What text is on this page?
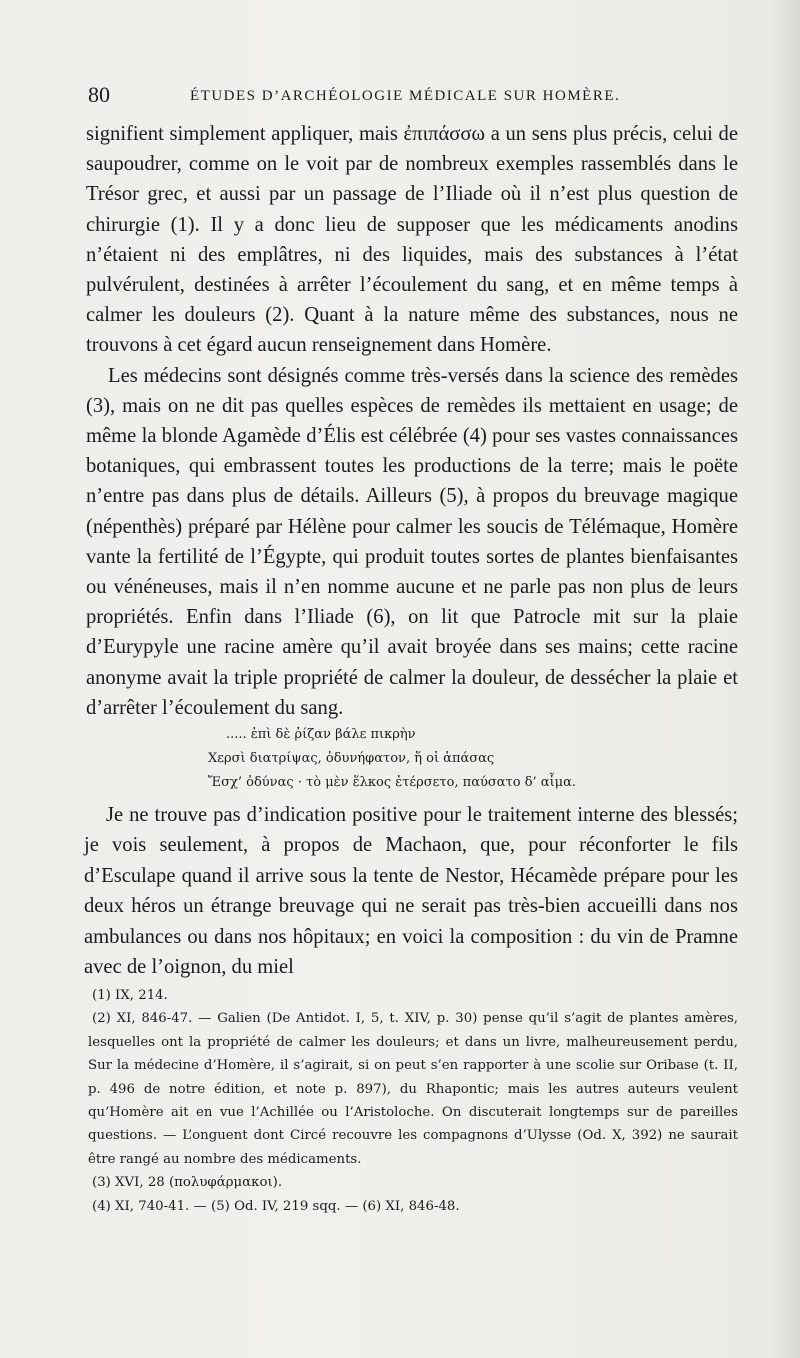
80	ÉTUDES D’ARCHÉOLOGIE MÉDICALE SUR HOMÈRE.

signifient simplement appliquer, mais ἐπιπάσσω a un sens plus précis, celui de saupoudrer, comme on le voit par de nombreux exemples rassemblés dans le Trésor grec, et aussi par un passage de l’Iliade où il n’est plus question de chirurgie (1). Il y a donc lieu de supposer que les médicaments anodins n’étaient ni des emplâtres, ni des liquides, mais des substances à l’état pulvérulent, destinées à arrêter l’écoulement du sang, et en même temps à calmer les douleurs (2). Quant à la nature même des substances, nous ne trouvons à cet égard aucun renseignement dans Homère.

Les médecins sont désignés comme très-versés dans la science des remèdes (3), mais on ne dit pas quelles espèces de remèdes ils mettaient en usage; de même la blonde Agamède d’Élis est célébrée (4) pour ses vastes connaissances botaniques, qui embrassent toutes les productions de la terre; mais le poëte n’entre pas dans plus de détails. Ailleurs (5), à propos du breuvage magique (népenthès) préparé par Hélène pour calmer les soucis de Télémaque, Homère vante la fertilité de l’Égypte, qui produit toutes sortes de plantes bienfaisantes ou vénéneuses, mais il n’en nomme aucune et ne parle pas non plus de leurs propriétés. Enfin dans l’Iliade (6), on lit que Patrocle mit sur la plaie d’Eurypyle une racine amère qu’il avait broyée dans ses mains; cette racine anonyme avait la triple propriété de calmer la douleur, de dessécher la plaie et d’arrêter l’écoulement du sang.

..... ἐπὶ δὲ ῥίζαν βάλε πικρὴν
Χερσὶ διατρίψας, ὀδυνήφατον, ἥ οἱ ἁπάσας
Ἔσχ’ ὀδύνας · τὸ μὲν ἕλκος ἐτέρσετο, παύσατο δ’ αἷμα.

Je ne trouve pas d’indication positive pour le traitement interne des blessés; je vois seulement, à propos de Machaon, que, pour réconforter le fils d’Esculape quand il arrive sous la tente de Nestor, Hécamède prépare pour les deux héros un étrange breuvage qui ne serait pas très-bien accueilli dans nos ambulances ou dans nos hôpitaux; en voici la composition : du vin de Pramne avec de l’oignon, du miel

(1) IX, 214.

(2) XI, 846-47. — Galien (De Antidot. I, 5, t. XIV, p. 30) pense qu’il s’agit de plantes amères, lesquelles ont la propriété de calmer les douleurs; et dans un livre, malheureusement perdu, Sur la médecine d’Homère, il s’agirait, si on peut s’en rapporter à une scolie sur Oribase (t. II, p. 496 de notre édition, et note p. 897), du Rhapontic; mais les autres auteurs veulent qu’Homère ait en vue l’Achillée ou l’Aristoloche. On discuterait longtemps sur de pareilles questions. — L’onguent dont Circé recouvre les compagnons d’Ulysse (Od. X, 392) ne saurait être rangé au nombre des médicaments.

(3) XVI, 28 (πολυφάρμακοι).

(4) XI, 740-41. — (5) Od. IV, 219 sqq. — (6) XI, 846-48.
